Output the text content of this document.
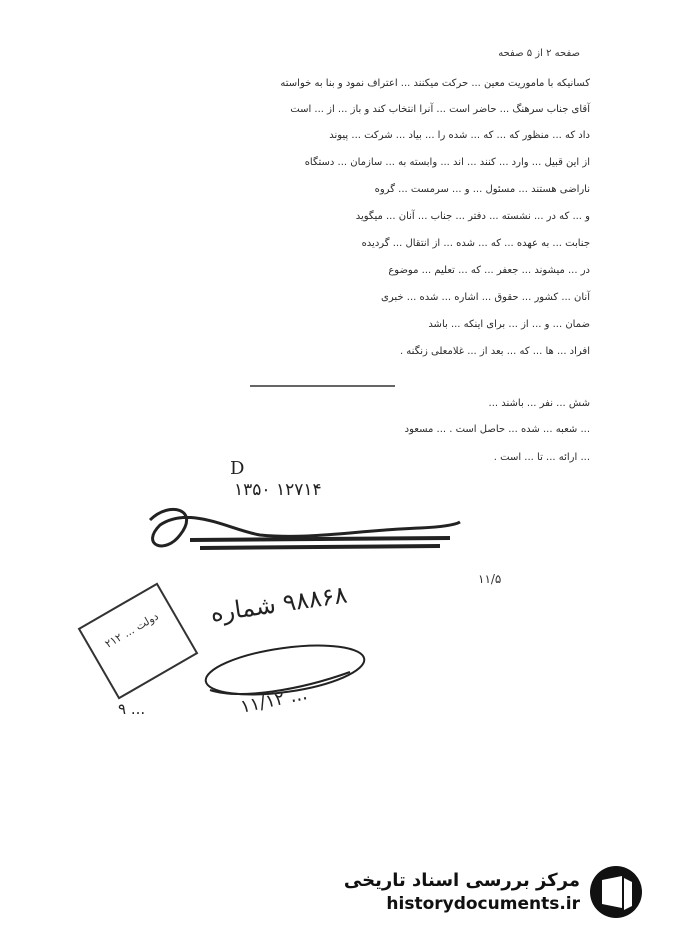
صفحه ۲ از ۵ صفحه
کسانیکه با ماموریت معین ... حرکت میکنند ... اعتراف نمود و بنا به خواسته
آقای جناب سرهنگ ... حاضر است ... آنرا انتخاب کند و باز ... از ... است
داد که ... منظور که ... که ... شده را ... بیاد ... شرکت ... پیوند
از این قبیل ... وارد ... کنند ... اند ... وابسته به ... سازمان ... دستگاه
ناراضی هستند ... مسئول ... و ... سرمست ... گروه
و ... که در ... نشسته ... دفتر ... جناب ... آنان ... میگوید
جنابت ... به عهده ... که ... شده ... از انتقال ... گردیده
در ... میشوند ... جعفر ... که ... تعلیم ... موضوع
آنان ... کشور ... حقوق ... اشاره ... شده ... خبری
ضمان ... و ... از ... برای اینکه ... باشد
افراد ... ها ... که ... بعد از ... غلامعلی زنگنه .
شش ... نفر ... باشند ...
... شعبه ... شده ... حاصل است . ... مسعود
... ارائه ... تا ... است .
D
۱۲۷۱۴ ۱۳۵۰
۱۱/۵
۹۸۸۶۸ شماره
۲۱۲ ... دولت
۹ ...	... ۱۱/۱۲
مرکز بررسی اسناد تاریخی
historydocuments.ir
